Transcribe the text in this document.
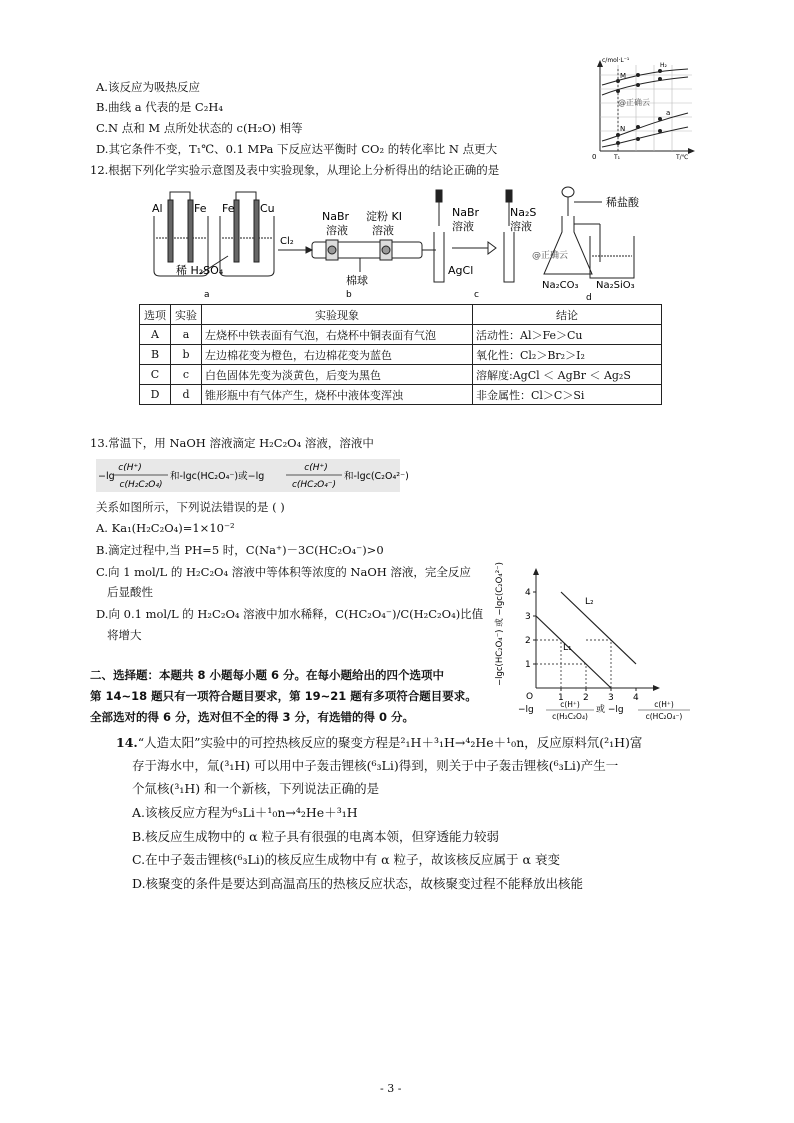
A.该反应为吸热反应
B.曲线 a 代表的是 C₂H₄
C.N 点和 M 点所处状态的 c(H₂O) 相等
D.其它条件不变，T₁℃、0.1 MPa 下反应达平衡时 CO₂ 的转化率比 N 点更大
c/mol·L⁻¹
T/℃
0	T₁
H₂
a
M
N
@正确云
12.根据下列化学实验示意图及表中实验现象，从理论上分析得出的结论正确的是
Al	Fe Fe Cu
稀 H₂SO₄
a
Cl₂
NaBr
溶液
淀粉 KI
溶液
棉球
b
NaBr
溶液
Na₂S
溶液
AgCl
c
稀盐酸
@正确云
Na₂CO₃ Na₂SiO₃
d
选项	实验	实验现象	结论
A	a	左烧杯中铁表面有气泡，右烧杯中铜表面有气泡	活动性：Al＞Fe＞Cu
B	b	左边棉花变为橙色，右边棉花变为蓝色	氧化性：Cl₂＞Br₂＞I₂
C	c	白色固体先变为淡黄色，后变为黑色	溶解度:AgCl ＜ AgBr ＜ Ag₂S
D	d	锥形瓶中有气体产生，烧杯中液体变浑浊	非金属性：Cl＞C＞Si
13.常温下，用 NaOH 溶液滴定 H₂C₂O₄ 溶液，溶液中
−lg
c(H⁺)
c(H₂C₂O₄)
和-lgc(HC₂O₄⁻)或−lg
c(H⁺)
c(HC₂O₄⁻)
和-lgc(C₂O₄²⁻)
关系如图所示，下列说法错误的是 ( )
A. Ka₁(H₂C₂O₄)=1×10⁻²
B.滴定过程中,当 PH=5 时，C(Na⁺)－3C(HC₂O₄⁻)>0
C.向 1 mol/L 的 H₂C₂O₄ 溶液中等体积等浓度的 NaOH 溶液，完全反应
后显酸性
D.向 0.1 mol/L 的 H₂C₂O₄ 溶液中加水稀释，C(HC₂O₄⁻)/C(H₂C₂O₄)比值
将增大
1 2 3 4
1
2
3
4
O
L₂
L₁
−lgc(HC₂O₄⁻) 或 −lgc(C₂O₄²⁻)
−lg
c(H⁺)
c(H₂C₂O₄)
或 −lg
c(H⁺)
c(HC₂O₄⁻)
二、选择题：本题共 8 小题每小题 6 分。在每小题给出的四个选项中
第 14~18 题只有一项符合题目要求，第 19~21 题有多项符合题目要求。
全部选对的得 6 分，选对但不全的得 3 分，有选错的得 0 分。
14.“人造太阳”实验中的可控热核反应的聚变方程是²₁H＋³₁H→⁴₂He＋¹₀n，反应原料氘(²₁H)富
存于海水中，氚(³₁H) 可以用中子轰击锂核(⁶₃Li)得到，则关于中子轰击锂核(⁶₃Li)产生一
个氚核(³₁H) 和一个新核，下列说法正确的是
A.该核反应方程为⁶₃Li＋¹₀n→⁴₂He＋³₁H
B.核反应生成物中的 α 粒子具有很强的电离本领，但穿透能力较弱
C.在中子轰击锂核(⁶₃Li)的核反应生成物中有 α 粒子，故该核反应属于 α 衰变
D.核聚变的条件是要达到高温高压的热核反应状态，故核聚变过程不能释放出核能
- 3 -
